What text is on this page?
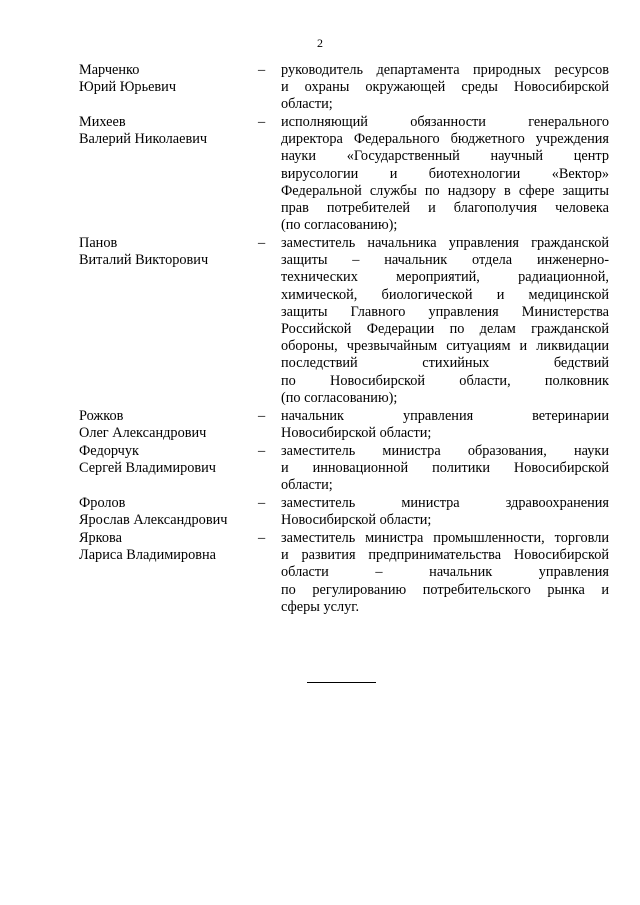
2
Марченко
Юрий Юрьевич
– руководитель департамента природных ресурсов
и охраны окружающей среды Новосибирской
области;
Михеев
Валерий Николаевич
– исполняющий обязанности генерального
директора Федерального бюджетного учреждения
науки «Государственный научный центр
вирусологии и биотехнологии «Вектор»
Федеральной службы по надзору в сфере защиты
прав потребителей и благополучия человека
(по согласованию);
Панов
Виталий Викторович
– заместитель начальника управления гражданской
защиты – начальник отдела инженерно-
технических мероприятий, радиационной,
химической, биологической и медицинской
защиты Главного управления Министерства
Российской Федерации по делам гражданской
обороны, чрезвычайным ситуациям и ликвидации
последствий стихийных бедствий
по Новосибирской области, полковник
(по согласованию);
Рожков
Олег Александрович
– начальник управления ветеринарии
Новосибирской области;
Федорчук
Сергей Владимирович
– заместитель министра образования, науки
и инновационной политики Новосибирской
области;
Фролов
Ярослав Александрович
– заместитель министра здравоохранения
Новосибирской области;
Яркова
Лариса Владимировна
– заместитель министра промышленности, торговли
и развития предпринимательства Новосибирской
области – начальник управления
по регулированию потребительского рынка и
сферы услуг.
